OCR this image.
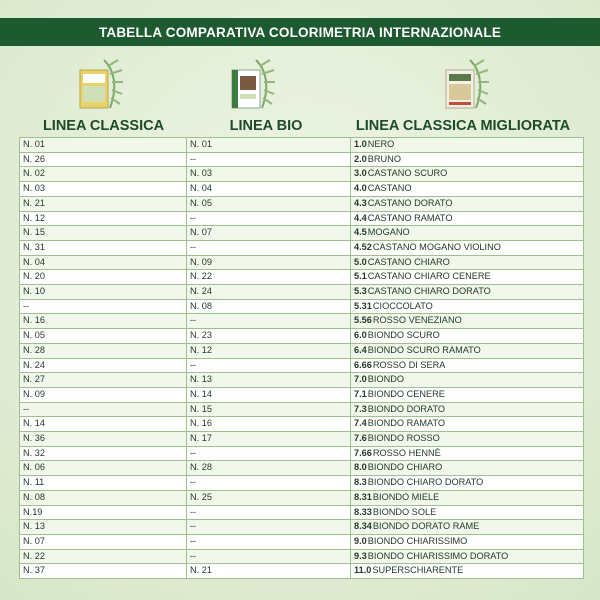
TABELLA COMPARATIVA COLORIMETRIA INTERNAZIONALE
LINEA CLASSICA	LINEA BIO	LINEA CLASSICA MIGLIORATA
N. 01	N. 01	1.0NERO
N. 26	--	2.0BRUNO
N. 02	N. 03	3.0CASTANO SCURO
N. 03	N. 04	4.0CASTANO
N. 21	N. 05	4.3CASTANO DORATO
N. 12	--	4.4CASTANO RAMATO
N. 15	N. 07	4.5MOGANO
N. 31	--	4.52CASTANO MOGANO VIOLINO
N. 04	N. 09	5.0CASTANO CHIARO
N. 20	N. 22	5.1CASTANO CHIARO CENERE
N. 10	N. 24	5.3CASTANO CHIARO DORATO
--	N. 08	5.31CIOCCOLATO
N. 16	--	5.56ROSSO VENEZIANO
N. 05	N. 23	6.0BIONDO SCURO
N. 28	N. 12	6.4BIONDO SCURO RAMATO
N. 24	--	6.66ROSSO DI SERA
N. 27	N. 13	7.0BIONDO
N. 09	N. 14	7.1BIONDO CENERE
--	N. 15	7.3BIONDO DORATO
N. 14	N. 16	7.4BIONDO RAMATO
N. 36	N. 17	7.6BIONDO ROSSO
N. 32	--	7.66ROSSO HENNÈ
N. 06	N. 28	8.0BIONDO CHIARO
N. 11	--	8.3BIONDO CHIARO DORATO
N. 08	N. 25	8.31BIONDO MIELE
N.19	--	8.33BIONDO SOLE
N. 13	--	8.34BIONDO DORATO RAME
N. 07	--	9.0BIONDO CHIARISSIMO
N. 22	--	9.3BIONDO CHIARISSIMO DORATO
N. 37	N. 21	11.0SUPERSCHIARENTE
